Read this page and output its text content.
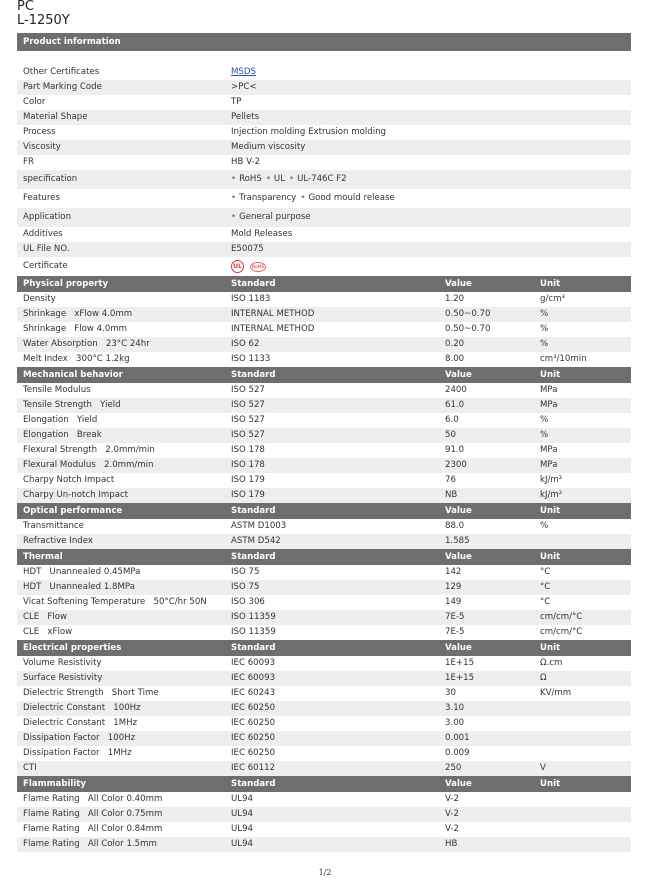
PC
L-1250Y
Product information
Other Certificates	MSDS
Part Marking Code	>PC<
Color	TP
Material Shape	Pellets
Process	Injection molding Extrusion molding
Viscosity	Medium viscosity
FR	HB V-2
specification	• RoHS • UL • UL-746C F2
Features	• Transparency • Good mould release
Application	• General purpose
Additives	Mold Releases
UL File NO.	E50075
Certificate	UL	RoHS
Physical property	Standard	Value	Unit
Density	ISO 1183	1.20	g/cm³
Shrinkage   xFlow 4.0mm	INTERNAL METHOD	0.50~0.70	%
Shrinkage   Flow 4.0mm	INTERNAL METHOD	0.50~0.70	%
Water Absorption   23°C 24hr	ISO 62	0.20	%
Melt Index   300°C 1.2kg	ISO 1133	8.00	cm³/10min
Mechanical behavior	Standard	Value	Unit
Tensile Modulus	ISO 527	2400	MPa
Tensile Strength   Yield	ISO 527	61.0	MPa
Elongation   Yield	ISO 527	6.0	%
Elongation   Break	ISO 527	50	%
Flexural Strength   2.0mm/min	ISO 178	91.0	MPa
Flexural Modulus   2.0mm/min	ISO 178	2300	MPa
Charpy Notch Impact	ISO 179	76	kJ/m²
Charpy Un-notch Impact	ISO 179	NB	kJ/m²
Optical performance	Standard	Value	Unit
Transmittance	ASTM D1003	88.0	%
Refractive Index	ASTM D542	1.585
Thermal	Standard	Value	Unit
HDT   Unannealed 0.45MPa	ISO 75	142	°C
HDT   Unannealed 1.8MPa	ISO 75	129	°C
Vicat Softening Temperature   50°C/hr 50N	ISO 306	149	°C
CLE   Flow	ISO 11359	7E-5	cm/cm/°C
CLE   xFlow	ISO 11359	7E-5	cm/cm/°C
Electrical properties	Standard	Value	Unit
Volume Resistivity	IEC 60093	1E+15	Ω.cm
Surface Resistivity	IEC 60093	1E+15	Ω
Dielectric Strength   Short Time	IEC 60243	30	KV/mm
Dielectric Constant   100Hz	IEC 60250	3.10
Dielectric Constant   1MHz	IEC 60250	3.00
Dissipation Factor   100Hz	IEC 60250	0.001
Dissipation Factor   1MHz	IEC 60250	0.009
CTI	IEC 60112	250	V
Flammability	Standard	Value	Unit
Flame Rating   All Color 0.40mm	UL94	V-2
Flame Rating   All Color 0.75mm	UL94	V-2
Flame Rating   All Color 0.84mm	UL94	V-2
Flame Rating   All Color 1.5mm	UL94	HB
1/2
